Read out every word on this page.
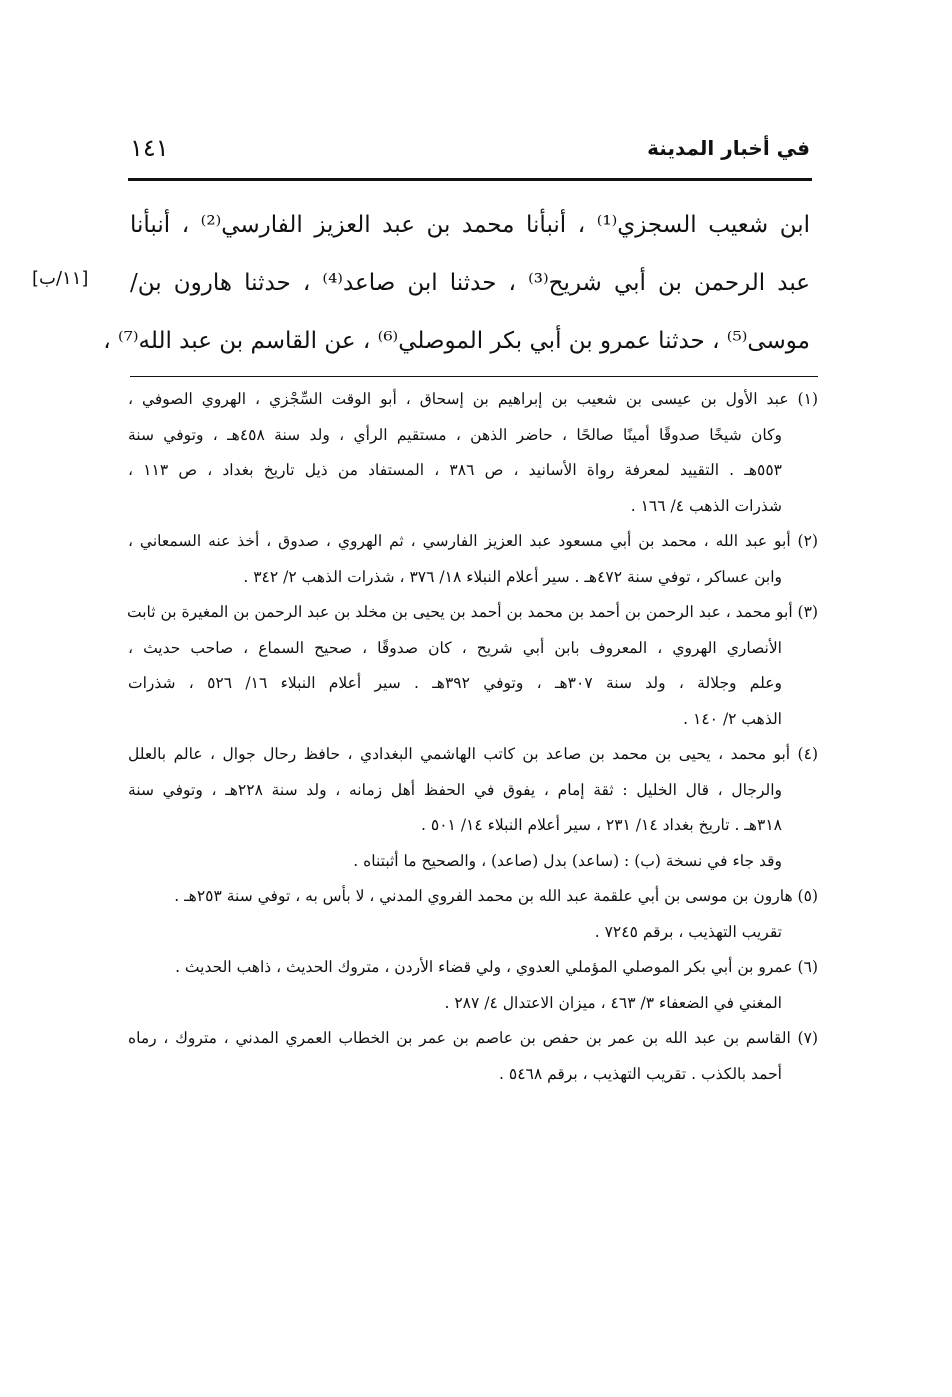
في أخبار المدينة
١٤١
ابن شعيب السجزي⁽¹⁾ ، أنبأنا محمد بن عبد العزيز الفارسي⁽²⁾ ، أنبأنا
عبد الرحمن بن أبي شريح⁽³⁾ ، حدثنا ابن صاعد⁽⁴⁾ ، حدثنا هارون بن/
موسى⁽⁵⁾ ، حدثنا عمرو بن أبي بكر الموصلي⁽⁶⁾ ، عن القاسم بن عبد الله⁽⁷⁾ ،
[١١/ب]
(١) عبد الأول بن عيسى بن شعيب بن إبراهيم بن إسحاق ، أبو الوقت السِّجْزي ، الهروي الصوفي ،
وكان شيخًا صدوقًا أمينًا صالحًا ، حاضر الذهن ، مستقيم الرأي ، ولد سنة ٤٥٨هـ ، وتوفي سنة
٥٥٣هـ . التقييد لمعرفة رواة الأسانيد ، ص ٣٨٦ ، المستفاد من ذيل تاريخ بغداد ، ص ١١٣ ،
شذرات الذهب ٤/ ١٦٦ .
(٢) أبو عبد الله ، محمد بن أبي مسعود عبد العزيز الفارسي ، ثم الهروي ، صدوق ، أخذ عنه السمعاني ،
وابن عساكر ، توفي سنة ٤٧٢هـ . سير أعلام النبلاء ١٨/ ٣٧٦ ، شذرات الذهب ٢/ ٣٤٢ .
(٣) أبو محمد ، عبد الرحمن بن أحمد بن محمد بن أحمد بن يحيى بن مخلد بن عبد الرحمن بن المغيرة بن ثابت
الأنصاري الهروي ، المعروف بابن أبي شريح ، كان صدوقًا ، صحيح السماع ، صاحب حديث ،
وعلم وجلالة ، ولد سنة ٣٠٧هـ ، وتوفي ٣٩٢هـ . سير أعلام النبلاء ١٦/ ٥٢٦ ، شذرات
الذهب ٢/ ١٤٠ .
(٤) أبو محمد ، يحيى بن محمد بن صاعد بن كاتب الهاشمي البغدادي ، حافظ رحال جوال ، عالم بالعلل
والرجال ، قال الخليل : ثقة إمام ، يفوق في الحفظ أهل زمانه ، ولد سنة ٢٢٨هـ ، وتوفي سنة
٣١٨هـ . تاريخ بغداد ١٤/ ٢٣١ ، سير أعلام النبلاء ١٤/ ٥٠١ .
وقد جاء في نسخة (ب) : (ساعد) بدل (صاعد) ، والصحيح ما أثبتناه .
(٥) هارون بن موسى بن أبي علقمة عبد الله بن محمد الفروي المدني ، لا بأس به ، توفي سنة ٢٥٣هـ .
تقريب التهذيب ، برقم ٧٢٤٥ .
(٦) عمرو بن أبي بكر الموصلي المؤملي العدوي ، ولي قضاء الأردن ، متروك الحديث ، ذاهب الحديث .
المغني في الضعفاء ٣/ ٤٦٣ ، ميزان الاعتدال ٤/ ٢٨٧ .
(٧) القاسم بن عبد الله بن عمر بن حفص بن عاصم بن عمر بن الخطاب العمري المدني ، متروك ، رماه
أحمد بالكذب . تقريب التهذيب ، برقم ٥٤٦٨ .
